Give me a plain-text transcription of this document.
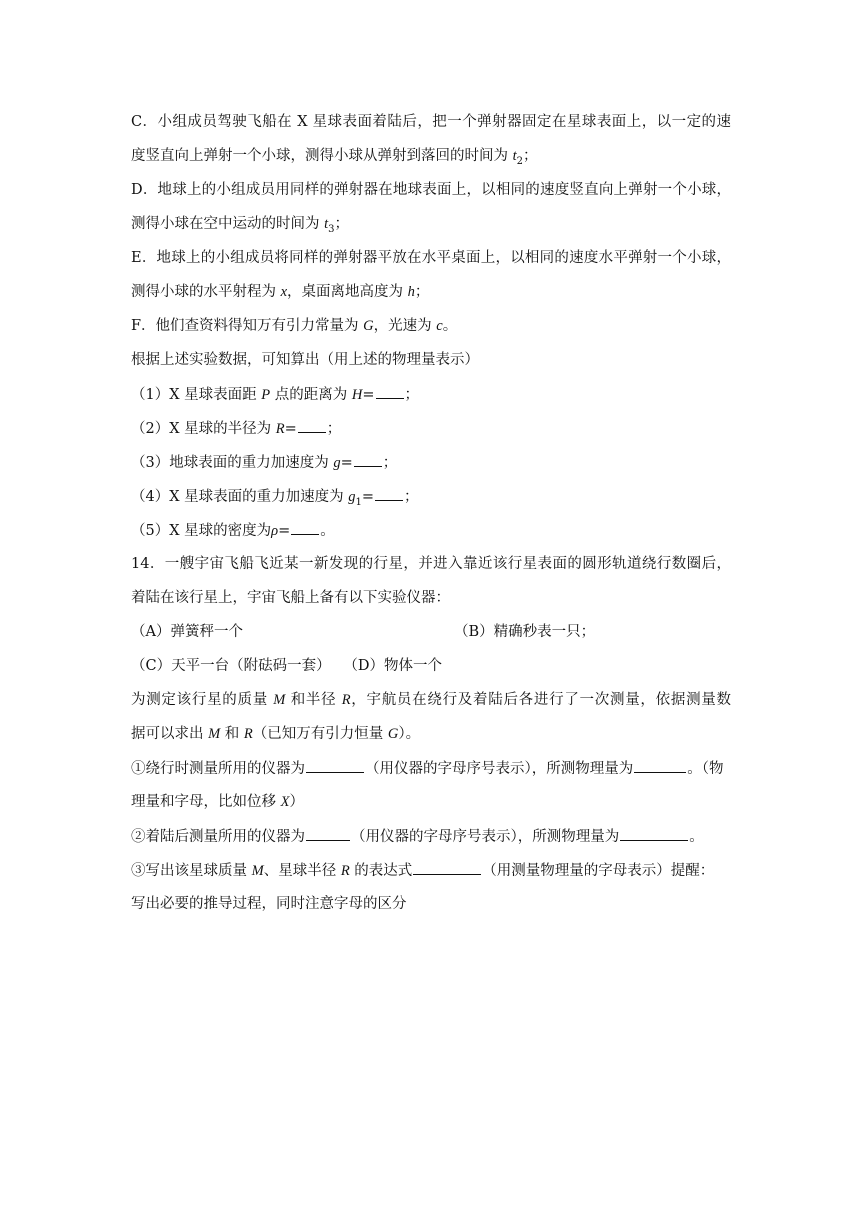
C．小组成员驾驶飞船在 X 星球表面着陆后，把一个弹射器固定在星球表面上，以一定的速
度竖直向上弹射一个小球，测得小球从弹射到落回的时间为 $t_2$；
D．地球上的小组成员用同样的弹射器在地球表面上，以相同的速度竖直向上弹射一个小球，
测得小球在空中运动的时间为 $t_3$；
E．地球上的小组成员将同样的弹射器平放在水平桌面上，以相同的速度水平弹射一个小球，
测得小球的水平射程为 x，桌面离地高度为 h；
F．他们查资料得知万有引力常量为 G，光速为 c。
根据上述实验数据，可知算出（用上述的物理量表示）
（1）X 星球表面距 P 点的距离为 H= ；
（2）X 星球的半径为 R= ；
（3）地球表面的重力加速度为 g= ；
（4）X 星球表面的重力加速度为 $g_1=$ ；
（5）X 星球的密度为ρ= 。
14．一艘宇宙飞船飞近某一新发现的行星，并进入靠近该行星表面的圆形轨道绕行数圈后，
着陆在该行星上，宇宙飞船上备有以下实验仪器：
（A）弹簧秤一个	（B）精确秒表一只；
（C）天平一台（附砝码一套） （D）物体一个
为测定该行星的质量 M 和半径 R，宇航员在绕行及着陆后各进行了一次测量，依据测量数
据可以求出 M 和 R（已知万有引力恒量 G）。
①绕行时测量所用的仪器为	（用仪器的字母序号表示），所测物理量为	。（物
理量和字母，比如位移 X）
②着陆后测量所用的仪器为	（用仪器的字母序号表示），所测物理量为	。
③写出该星球质量 M、星球半径 R 的表达式	（用测量物理量的字母表示）提醒：
写出必要的推导过程，同时注意字母的区分
